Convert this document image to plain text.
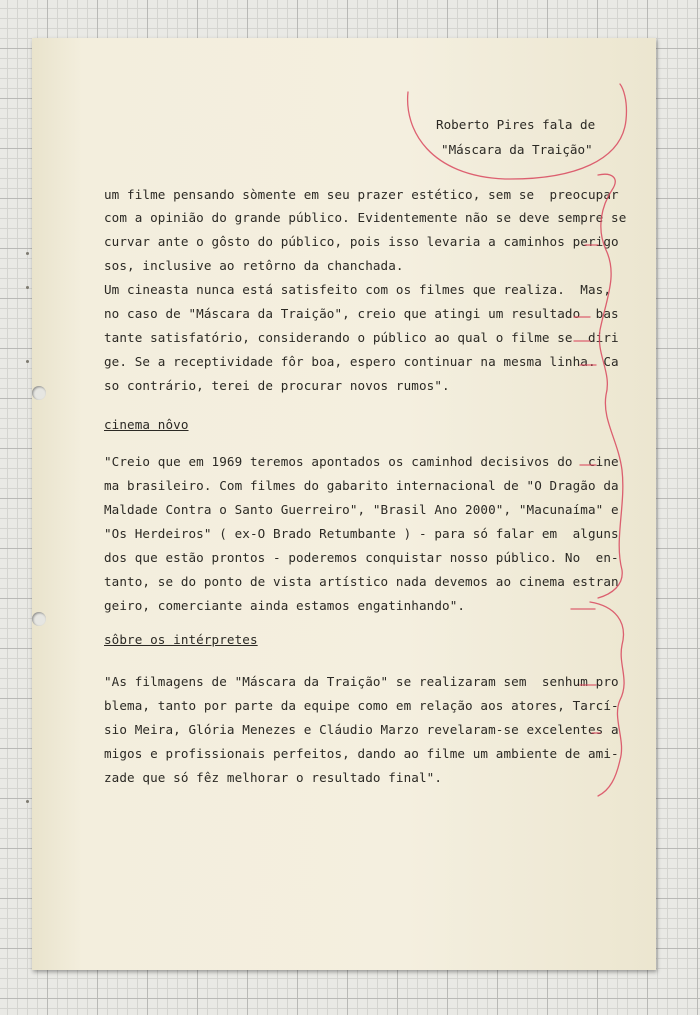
Roberto Pires fala de

"Máscara da Traição"

um filme pensando sòmente em seu prazer estético, sem se  preocupar

com a opinião do grande público. Evidentemente não se deve sempre se

curvar ante o gôsto do público, pois isso levaria a caminhos perigo

sos, inclusive ao retôrno da chanchada.

Um cineasta nunca está satisfeito com os filmes que realiza.  Mas,

no caso de "Máscara da Traição", creio que atingi um resultado  bas

tante satisfatório, considerando o público ao qual o filme se  diri

ge. Se a receptividade fôr boa, espero continuar na mesma linha. Ca

so contrário, terei de procurar novos rumos".

cinema nôvo

"Creio que em 1969 teremos apontados os caminhod decisivos do  cine

ma brasileiro. Com filmes do gabarito internacional de "O Dragão da

Maldade Contra o Santo Guerreiro", "Brasil Ano 2000", "Macunaíma" e

"Os Herdeiros" ( ex-O Brado Retumbante ) - para só falar em  alguns

dos que estão prontos - poderemos conquistar nosso público. No  en-

tanto, se do ponto de vista artístico nada devemos ao cinema estran

geiro, comerciante ainda estamos engatinhando".

sôbre os intérpretes

"As filmagens de "Máscara da Traição" se realizaram sem  senhum pro

blema, tanto por parte da equipe como em relação aos atores, Tarcí-

sio Meira, Glória Menezes e Cláudio Marzo revelaram-se excelentes a

migos e profissionais perfeitos, dando ao filme um ambiente de ami-

zade que só fêz melhorar o resultado final".
